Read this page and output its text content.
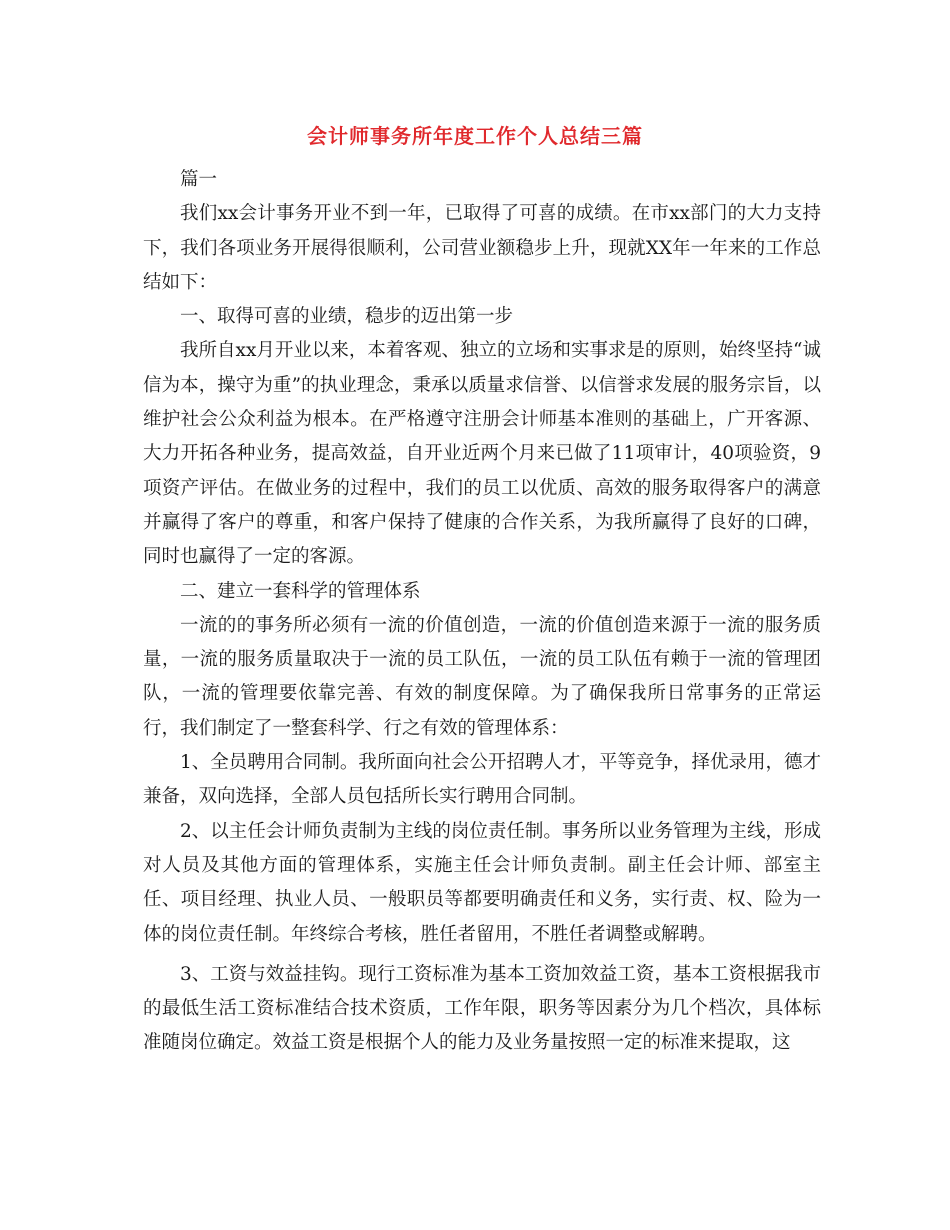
会计师事务所年度工作个人总结三篇

篇一

我们xx会计事务开业不到一年，已取得了可喜的成绩。在市xx部门的大力支持下，我们各项业务开展得很顺利，公司营业额稳步上升，现就XX年一年来的工作总结如下：

一、取得可喜的业绩，稳步的迈出第一步

我所自xx月开业以来，本着客观、独立的立场和实事求是的原则，始终坚持“诚信为本，操守为重”的执业理念，秉承以质量求信誉、以信誉求发展的服务宗旨，以维护社会公众利益为根本。在严格遵守注册会计师基本准则的基础上，广开客源、大力开拓各种业务，提高效益，自开业近两个月来已做了11项审计，40项验资，9项资产评估。在做业务的过程中，我们的员工以优质、高效的服务取得客户的满意并赢得了客户的尊重，和客户保持了健康的合作关系，为我所赢得了良好的口碑，同时也赢得了一定的客源。

二、建立一套科学的管理体系

一流的的事务所必须有一流的价值创造，一流的价值创造来源于一流的服务质量，一流的服务质量取决于一流的员工队伍，一流的员工队伍有赖于一流的管理团队，一流的管理要依靠完善、有效的制度保障。为了确保我所日常事务的正常运行，我们制定了一整套科学、行之有效的管理体系：

1、全员聘用合同制。我所面向社会公开招聘人才，平等竞争，择优录用，德才兼备，双向选择，全部人员包括所长实行聘用合同制。

2、以主任会计师负责制为主线的岗位责任制。事务所以业务管理为主线，形成对人员及其他方面的管理体系，实施主任会计师负责制。副主任会计师、部室主任、项目经理、执业人员、一般职员等都要明确责任和义务，实行责、权、险为一体的岗位责任制。年终综合考核，胜任者留用，不胜任者调整或解聘。

3、工资与效益挂钩。现行工资标准为基本工资加效益工资，基本工资根据我市的最低生活工资标准结合技术资质，工作年限，职务等因素分为几个档次，具体标准随岗位确定。效益工资是根据个人的能力及业务量按照一定的标准来提取，这
